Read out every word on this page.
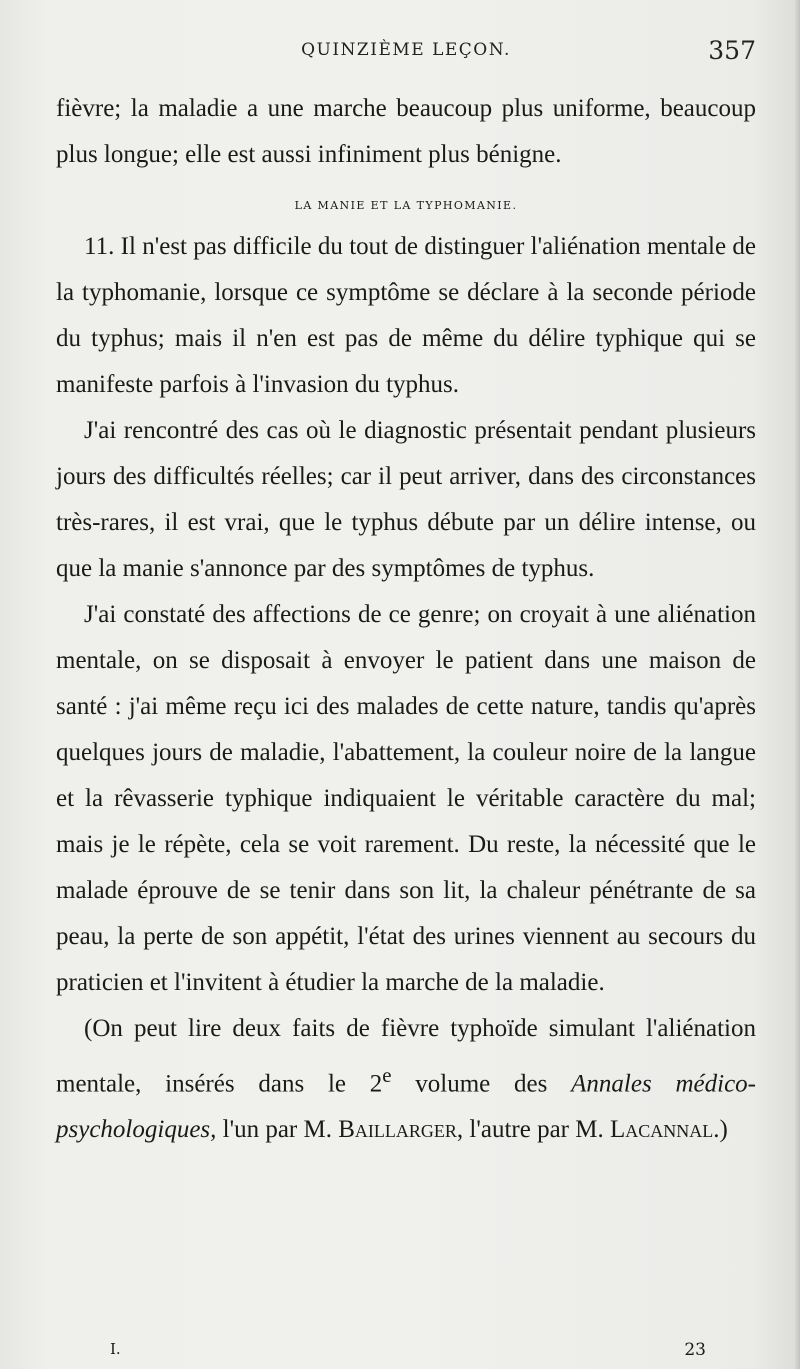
QUINZIÈME LEÇON.	357

fièvre; la maladie a une marche beaucoup plus uniforme, beaucoup plus longue; elle est aussi infiniment plus bénigne.

LA MANIE ET LA TYPHOMANIE.

11. Il n'est pas difficile du tout de distinguer l'aliénation mentale de la typhomanie, lorsque ce symptôme se déclare à la seconde période du typhus; mais il n'en est pas de même du délire typhique qui se manifeste parfois à l'invasion du typhus.

J'ai rencontré des cas où le diagnostic présentait pendant plusieurs jours des difficultés réelles; car il peut arriver, dans des circonstances très-rares, il est vrai, que le typhus débute par un délire intense, ou que la manie s'annonce par des symptômes de typhus.

J'ai constaté des affections de ce genre; on croyait à une aliénation mentale, on se disposait à envoyer le patient dans une maison de santé : j'ai même reçu ici des malades de cette nature, tandis qu'après quelques jours de maladie, l'abattement, la couleur noire de la langue et la rêvasserie typhique indiquaient le véritable caractère du mal; mais je le répète, cela se voit rarement. Du reste, la nécessité que le malade éprouve de se tenir dans son lit, la chaleur pénétrante de sa peau, la perte de son appétit, l'état des urines viennent au secours du praticien et l'invitent à étudier la marche de la maladie.

(On peut lire deux faits de fièvre typhoïde simulant l'aliénation mentale, insérés dans le 2e volume des Annales médico-psychologiques, l'un par M. Baillarger, l'autre par M. Lacannal.)

I.	23
